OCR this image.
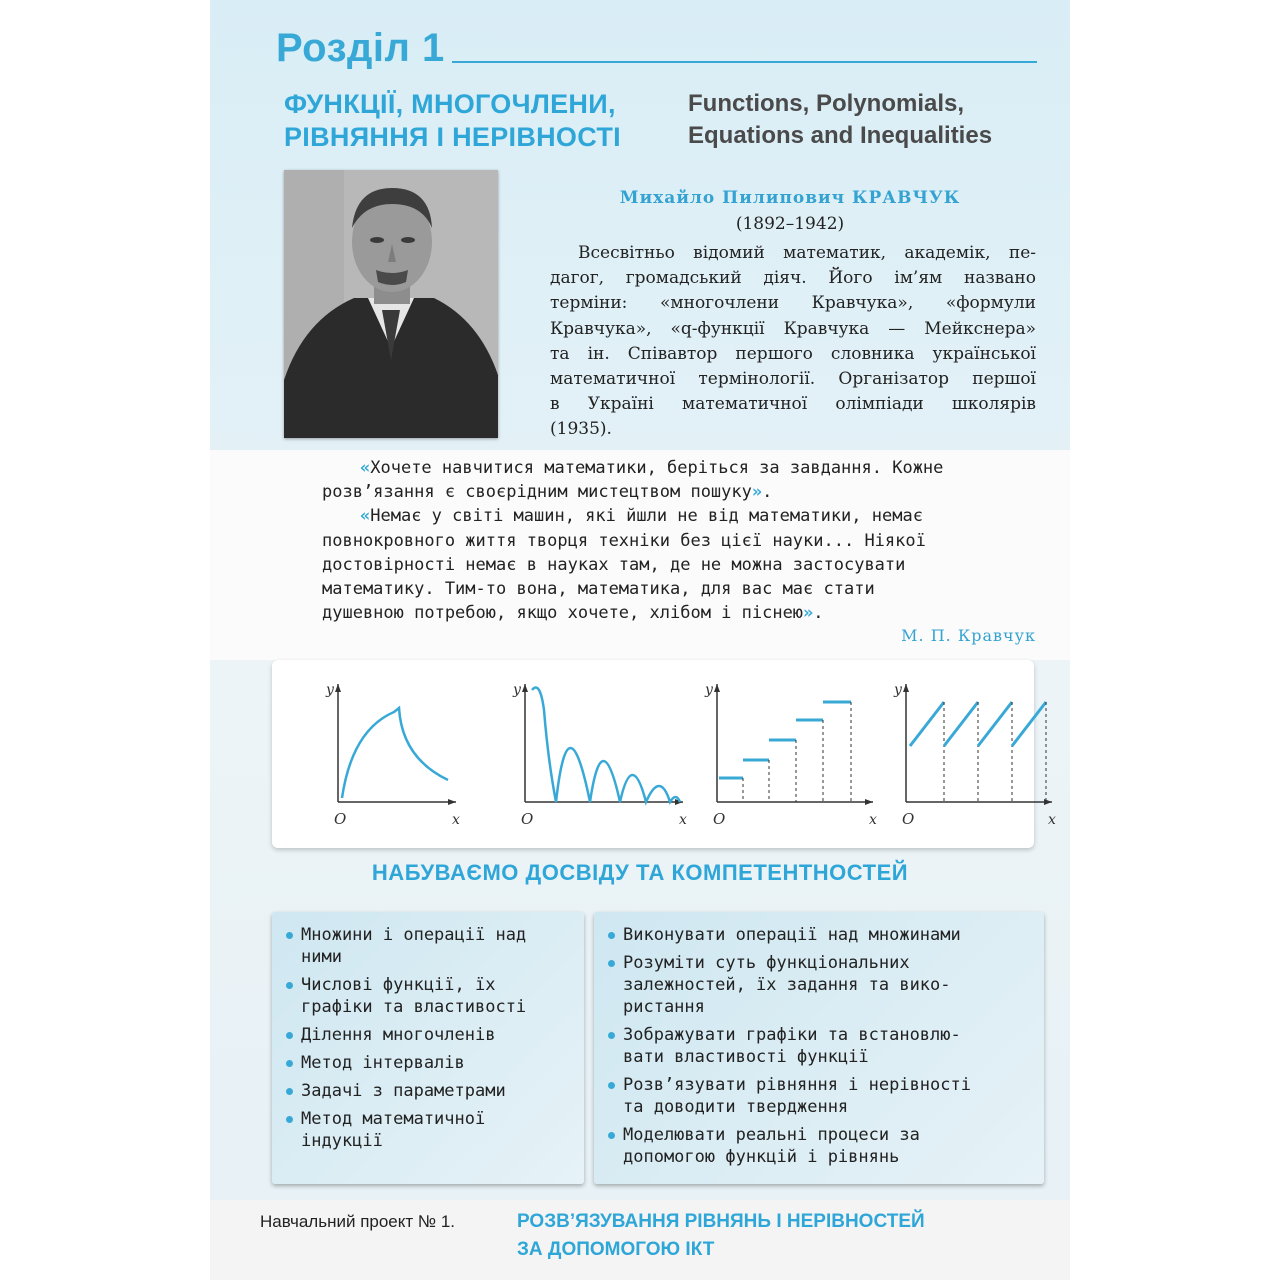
Розділ 1
ФУНКЦІЇ, МНОГОЧЛЕНИ,
РІВНЯННЯ І НЕРІВНОСТІ
Functions, Polynomials,
Equations and Inequalities

Михайло Пилипович КРАВЧУК

(1892–1942)

Всесвітньо відомий математик, академік, пе-
дагог, громадський діяч. Його ім’ям названо
терміни: «многочлени Кравчука», «формули
Кравчука», «q-функції Кравчука — Мейкснера»
та ін. Співавтор першого словника української
математичної термінології. Організатор першої
в Україні математичної олімпіади школярів
(1935).

«Хочете навчитися математики, беріться за завдання. Кожне
розв’язання є своєрідним мистецтвом пошуку».
«Немає у світі машин, які йшли не від математики, немає
повнокровного життя творця техніки без цієї науки... Ніякої
достовірності немає в науках там, де не можна застосувати
математику. Тим-то вона, математика, для вас має стати
душевною потребою, якщо хочете, хлібом і піснею».

М. П. Кравчук

y
x
O
y
x
O
y
x
O
y
x
O
НАБУВАЄМО ДОСВІДУ ТА КОМПЕТЕНТНОСТЕЙ
Множини і операції над
ними
Числові функції, їх
графіки та властивості
Ділення многочленів
Метод інтервалів
Задачі з параметрами
Метод математичної
індукції
Виконувати операції над множинами
Розуміти суть функціональних
залежностей, їх задання та вико-
ристання
Зображувати графіки та встановлю-
вати властивості функції
Розв’язувати рівняння і нерівності
та доводити твердження
Моделювати реальні процеси за
допомогою функцій і рівнянь

Навчальний проект № 1.	РОЗВ’ЯЗУВАННЯ РІВНЯНЬ І НЕРІВНОСТЕЙ
ЗА ДОПОМОГОЮ ІКТ
